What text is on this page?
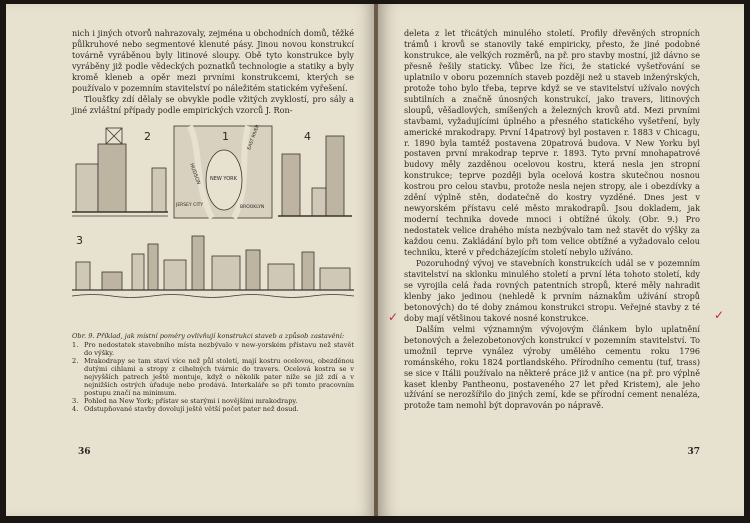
nich i jiných otvorů nahrazovaly, zejména u obchodních domů, těžké půlkruhové nebo segmentové klenuté pásy. Jinou novou konstrukcí továrně vyráběnou byly litinové sloupy. Obě tyto konstrukce byly vyráběny již podle vědeckých poznatků technologie a statiky a byly kromě kleneb a opěr mezi prvními konstrukcemi, kterých se používalo v pozemním stavitelství po náležitém statickém vyřešení.

Tloušťky zdí dělaly se obvykle podle vžitých zvyklostí, pro sály a jiné zvláštní případy podle empirických vzorců J. Ron-

2	1	4
3
HUDSON NEW YORK
JERSEY CITY	BROOKLYN
EAST RIVER

Obr. 9. Příklad, jak místní poměry ovlivňují konstrukci staveb a způsob zastavění:

1. Pro nedostatek stavebního místa nezbývalo v new-yorském přístavu než stavět do výšky.
2. Mrakodrapy se tam staví více než půl století, mají kostru ocelovou, obezděnou dutými cihlami a stropy z cihelných tvárnic do travers. Ocelová kostra se v nejvyšších patrech ještě montuje, když o několik pater níže se již zdí a v nejnižších ostrých úřaduje nebo prodává. Interkaláře se při tomto pracovním postupu značí na minimum.
3. Pohled na New York; přístav se starými i novějšími mrakodrapy.
4. Odstupňované stavby dovolují ještě větší počet pater než dosud.
36

deleta z let třicátých minulého století. Profily dřevěných stropních trámů i krovů se stanovily také empiricky, přesto, že jiné podobné konstrukce, ale velkých rozměrů, na př. pro stavby mostní, již dávno se přesně řešily staticky. Vůbec lze říci, že statické vyšetřování se uplatnilo v oboru pozemních staveb později než u staveb inženýrských, protože toho bylo třeba, teprve když se ve stavitelství užívalo nových subtilních a značně únosných konstrukcí, jako travers, litinových sloupů, věšadlových, smíšených a železných krovů atd. Mezi prvními stavbami, vyžadujícími úplného a přesného statického vyšetření, byly americké mrakodrapy. První 14patrový byl postaven r. 1883 v Chicagu, r. 1890 byla tamtéž postavena 20patrová budova. V New Yorku byl postaven první mrakodrap teprve r. 1893. Tyto první mnohapatrové budovy měly zazděnou ocelovou kostru, která nesla jen stropní konstrukce; teprve později byla ocelová kostra skutečnou nosnou kostrou pro celou stavbu, protože nesla nejen stropy, ale i obezdívky a zdění výplně stěn, dodatečně do kostry vyzděné. Dnes jest v newyorském přístavu celé město mrakodrapů. Jsou dokladem, jak moderní technika dovede mnoci i obtížné úkoly. (Obr. 9.) Pro nedostatek velice drahého místa nezbývalo tam než stavět do výšky za každou cenu. Zakládání bylo při tom velice obtížné a vyžadovalo celou techniku, které v předcházejícím století nebylo užíváno.

Pozoruhodný vývoj ve stavebních konstrukcích udál se v pozemním stavitelství na sklonku minulého století a první léta tohoto století, kdy se vyrojila celá řada rovných patentních stropů, které měly nahradit klenby jako jedinou (nehledě k prvním náznakům užívání stropů betonových) do té doby známou konstrukci stropu. Veřejné stavby z té doby mají většinou takové nosné konstrukce.

Dalším velmi významným vývojovým článkem bylo uplatnění betonových a železobetonových konstrukcí v pozemním stavitelství. To umožnil teprve vynález výroby umělého cementu roku 1796 románského, roku 1824 portlandského. Přírodního cementu (tuf, trass) se sice v Itálii používalo na některé práce již v antice (na př. pro výplně kaset klenby Pantheonu, postaveného 27 let před Kristem), ale jeho užívání se nerozšířilo do jiných zemí, kde se přírodní cement nenaléza, protože tam nemohl být dopravován po nápravě.

✓	✓
37
